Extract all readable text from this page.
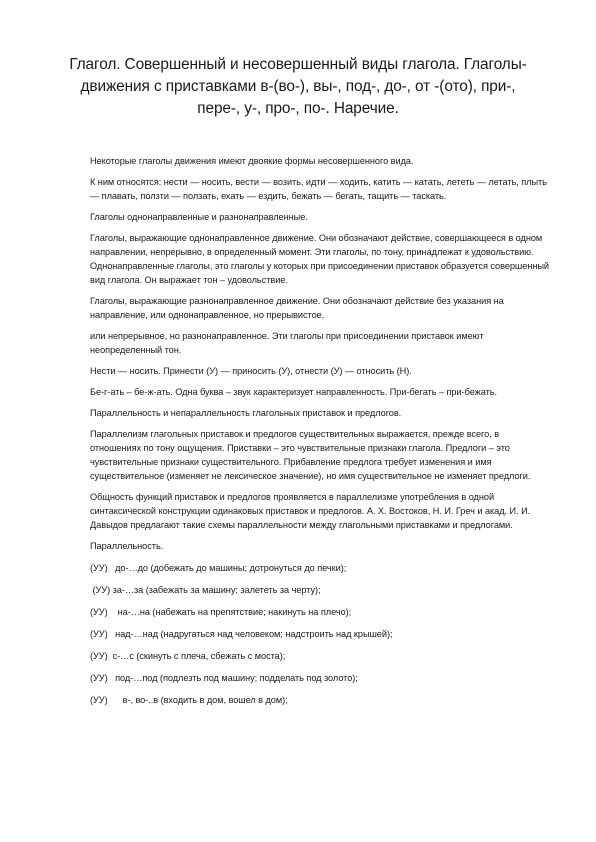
Глагол. Совершенный и несовершенный виды глагола. Глаголы-движения с приставками в-(во-), вы-, под-, до-, от -(ото), при-, пере-, у-, про-, по-. Наречие.

Некоторые глаголы движения имеют двоякие формы несовершенного вида.

К ним относятся: нести — носить, вести — возить, идти — ходить, катить — катать, лететь — летать, плыть — плавать, ползти — ползать, ехать — ездить, бежать — бегать, тащить — таскать.

Глаголы однонаправленные и разнонаправленные.

Глаголы, выражающие однонаправленное движение. Они обозначают действие, совершающееся в одном направлении, непрерывно, в определенный момент. Эти глаголы, по тону, принадлежат к удовольствию. Однонаправленные глаголы, это глаголы у которых при присоединении приставок образуется совершенный вид глагола. Он выражает тон – удовольствие.

Глаголы, выражающие разнонаправленное движение. Они обозначают действие без указания на направление, или однонаправленное, но прерывистое,

или непрерывное, но разнонаправленное. Эти глаголы при присоединении приставок имеют неопределенный тон.

Нести — носить. Принести (У) — приносить (У), отнести (У) — относить (Н).

Бе-г-ать – бе-ж-ать. Одна буква – звук характеризует направленность. При-бегать – при-бежать.

Параллельность и непараллельность глагольных приставок и предлогов.

Параллелизм глагольных приставок и предлогов существительных выражается, прежде всего, в отношениях по тону ощущения. Приставки – это чувствительные признаки глагола. Предлоги – это чувствительные признаки существительного. Прибавление предлога требует изменения и имя существительное (изменяет не лексическое значение), но имя существительное не изменяет предлоги.

Общность функций приставок и предлогов проявляется в параллелизме употребления в одной синтаксической конструкции одинаковых приставок и предлогов. А. Х. Востоков, Н. И. Греч и акад. И. И. Давыдов предлагают такие схемы параллельности между глагольными приставками и предлогами.

Параллельность.

(УУ)   до-…до (добежать до машины; дотронуться до печки);

(УУ) за-…за (забежать за машину; залететь за черту);

(УУ)    на-…на (набежать на препятствие; накинуть на плечо);

(УУ)   над-…над (надругаться над человеком; надстроить над крышей);

(УУ)  с-…с (скинуть с плеча, сбежать с моста);

(УУ)   под-…под (подлезть под машину; подделать под золото);

(УУ)      в-, во-..в (входить в дом, вошел в дом);
